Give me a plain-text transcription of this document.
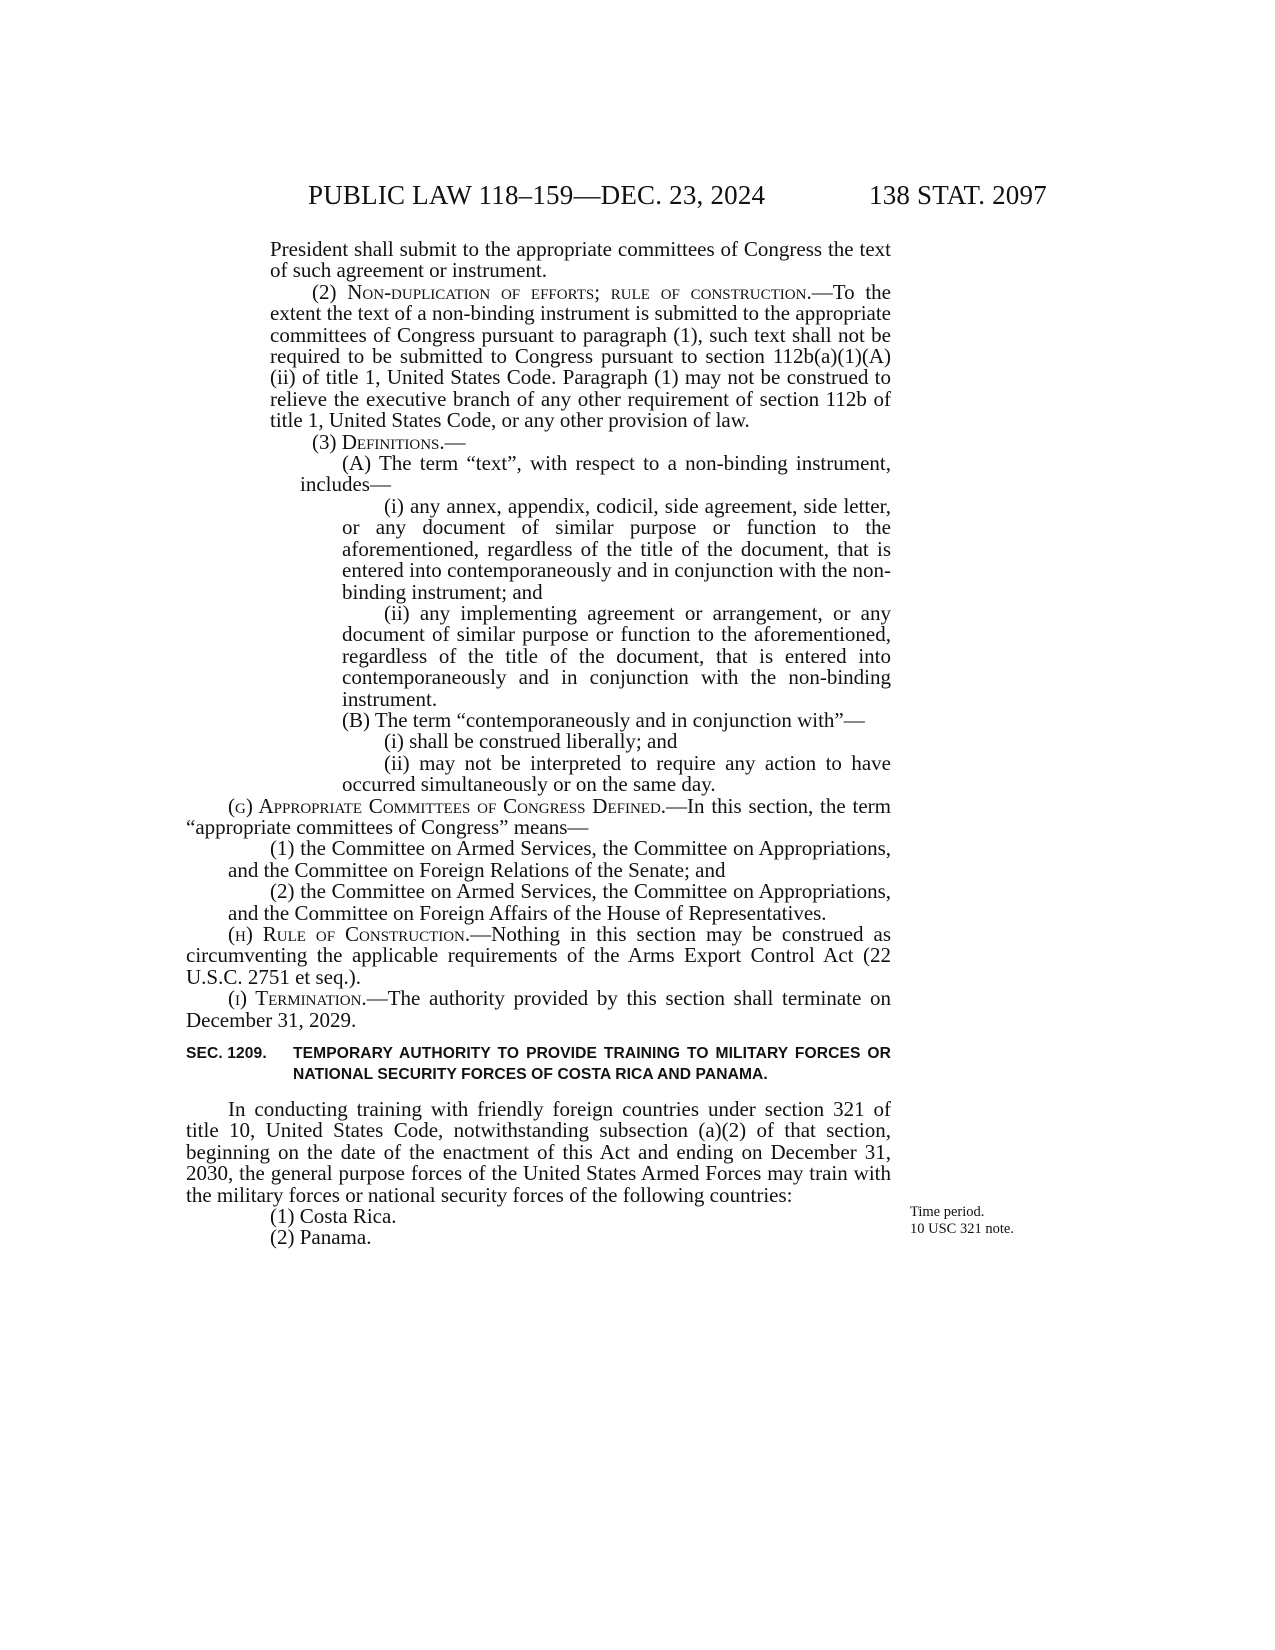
PUBLIC LAW 118–159—DEC. 23, 2024	138 STAT. 2097

President shall submit to the appropriate committees of Congress the text of such agreement or instrument.

(2) Non-duplication of efforts; rule of construction.—To the extent the text of a non-binding instrument is submitted to the appropriate committees of Congress pursuant to paragraph (1), such text shall not be required to be submitted to Congress pursuant to section 112b(a)(1)(A)(ii) of title 1, United States Code. Paragraph (1) may not be construed to relieve the executive branch of any other requirement of section 112b of title 1, United States Code, or any other provision of law.

(3) Definitions.—

(A) The term “text”, with respect to a non-binding instrument, includes—

(i) any annex, appendix, codicil, side agreement, side letter, or any document of similar purpose or function to the aforementioned, regardless of the title of the document, that is entered into contemporaneously and in conjunction with the non-binding instrument; and

(ii) any implementing agreement or arrangement, or any document of similar purpose or function to the aforementioned, regardless of the title of the document, that is entered into contemporaneously and in conjunction with the non-binding instrument.

(B) The term “contemporaneously and in conjunction with”—

(i) shall be construed liberally; and

(ii) may not be interpreted to require any action to have occurred simultaneously or on the same day.

(g) Appropriate Committees of Congress Defined.—In this section, the term “appropriate committees of Congress” means—

(1) the Committee on Armed Services, the Committee on Appropriations, and the Committee on Foreign Relations of the Senate; and

(2) the Committee on Armed Services, the Committee on Appropriations, and the Committee on Foreign Affairs of the House of Representatives.

(h) Rule of Construction.—Nothing in this section may be construed as circumventing the applicable requirements of the Arms Export Control Act (22 U.S.C. 2751 et seq.).

(i) Termination.—The authority provided by this section shall terminate on December 31, 2029.

SEC. 1209.	TEMPORARY AUTHORITY TO PROVIDE TRAINING TO MILITARY FORCES OR NATIONAL SECURITY FORCES OF COSTA RICA AND PANAMA.

In conducting training with friendly foreign countries under section 321 of title 10, United States Code, notwithstanding subsection (a)(2) of that section, beginning on the date of the enactment of this Act and ending on December 31, 2030, the general purpose forces of the United States Armed Forces may train with the military forces or national security forces of the following countries:

(1) Costa Rica.

(2) Panama.

Time period.
10 USC 321 note.
